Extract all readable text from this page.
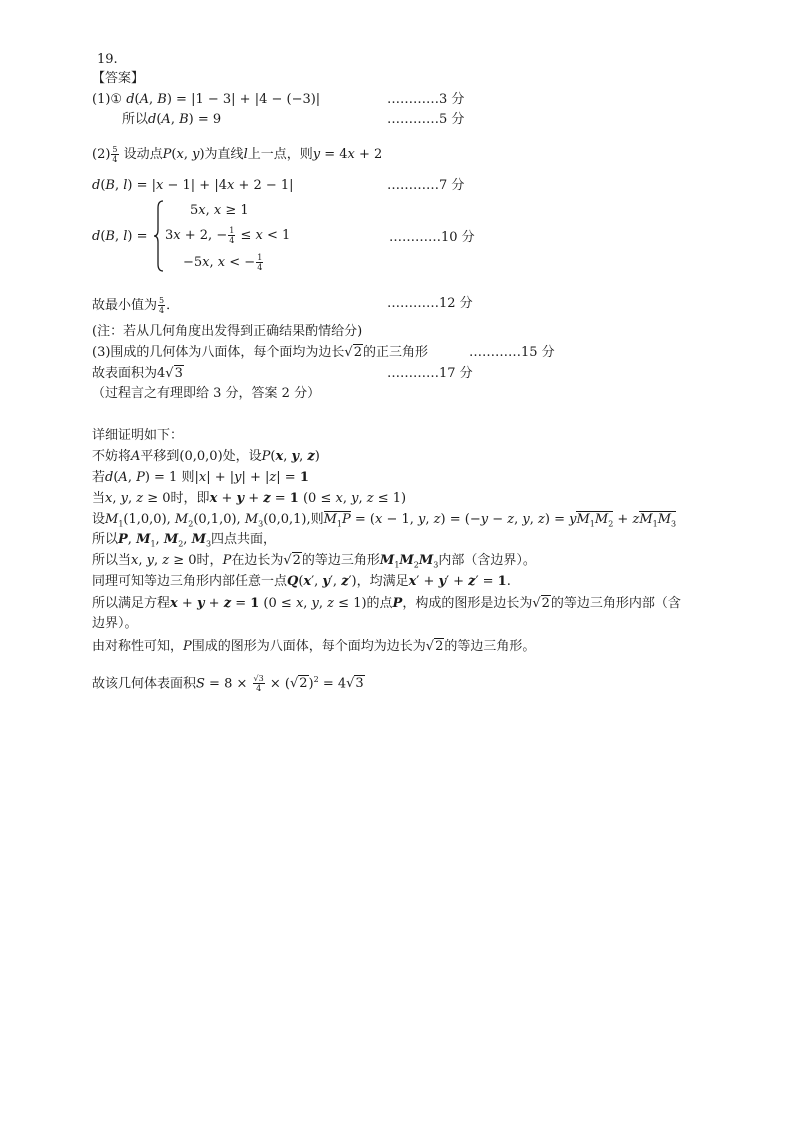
19.
【答案】
(1)① d(A, B) = |1 − 3| + |4 − (−3)|	…………3 分
所以d(A, B) = 9	…………5 分
$(2) \frac{5}{4}$ 设动点P(x, y)为直线l上一点，则y = 4x + 2
d(B, l) = |x − 1| + |4x + 2 − 1|	…………7 分
d(B, l) =
5x, x ≥ 1
3x + 2, − $\frac{1}{4} \le x < 1$
−5x, x < − $\frac{1}{4}$
…………10 分
故最小值为 $\frac{5}{4}$ ．	…………12 分
(注：若从几何角度出发得到正确结果酌情给分)
(3)围成的几何体为八面体，每个面均为边长√2的正三角形	…………15 分
故表面积为4√3	…………17 分
（过程言之有理即给 3 分，答案 2 分）
详细证明如下：
不妨将A平移到(0,0,0)处，设P(x, y, z)
若d(A, P) = 1 则|x| + |y| + |z| = 1
当x, y, z ≥ 0时，即x + y + z = 1 (0 ≤ x, y, z ≤ 1)
设$M_1(1,0,0)$, $M_2(0,1,0)$, $M_3(0,0,1)$,则$M_1P = (x - 1$, y, z) = (−y − z, y, $z) = yM_1M_2 + zM_1M_3$
所以P, $M_1$, $M_2$, $M_3$四点共面，
所以当x, y, z ≥ 0时，P在边长为√2的等边三角形$M_1M_2M_3$内部（含边界）。
同理可知等边三角形内部任意一点Q(x′, y′, z′)，均满足x′ + y′ + z′ = 1.
所以满足方程x + y + z = 1 (0 ≤ x, y, z ≤ 1)的点P，构成的图形是边长为√2的等边三角形内部（含
边界）。
由对称性可知，P围成的图形为八面体，每个面均为边长为√2的等边三角形。
故该几何体表面积$S = 8 \times \frac{√3}{4} \times (√2)^2 = 4√3$
